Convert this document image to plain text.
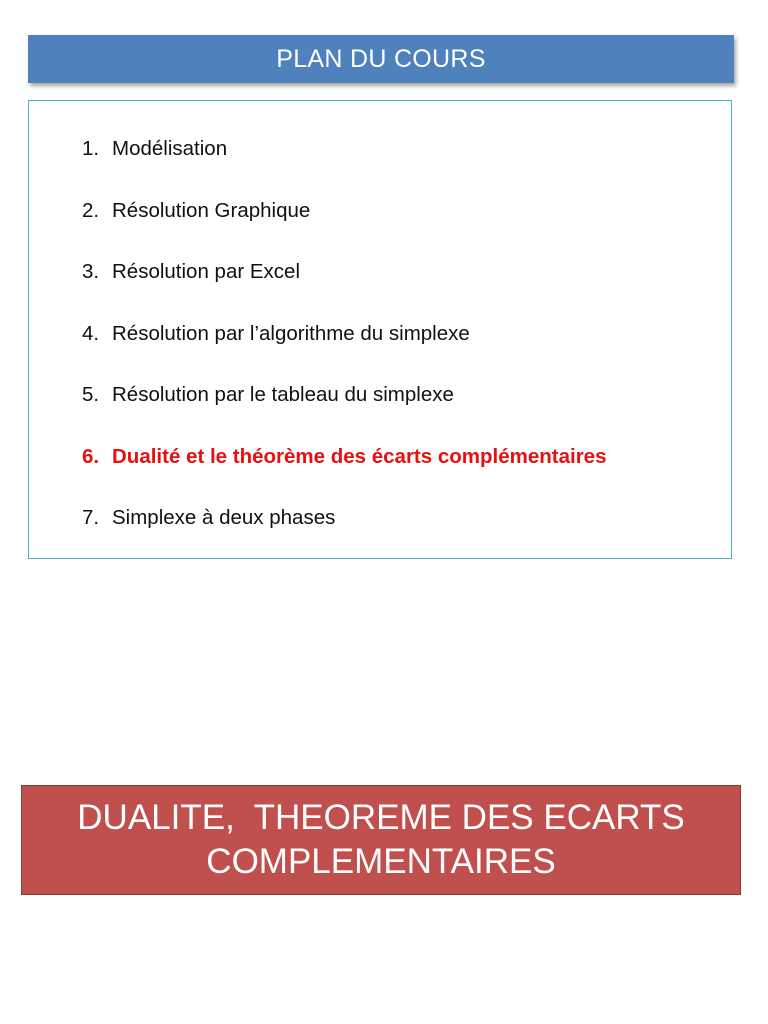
PLAN DU COURS
1. Modélisation
2. Résolution Graphique
3. Résolution par Excel
4. Résolution par l’algorithme du simplexe
5. Résolution par le tableau du simplexe
6. Dualité et le théorème des écarts complémentaires
7. Simplexe à deux phases
DUALITE,  THEOREME DES ECARTS
COMPLEMENTAIRES
